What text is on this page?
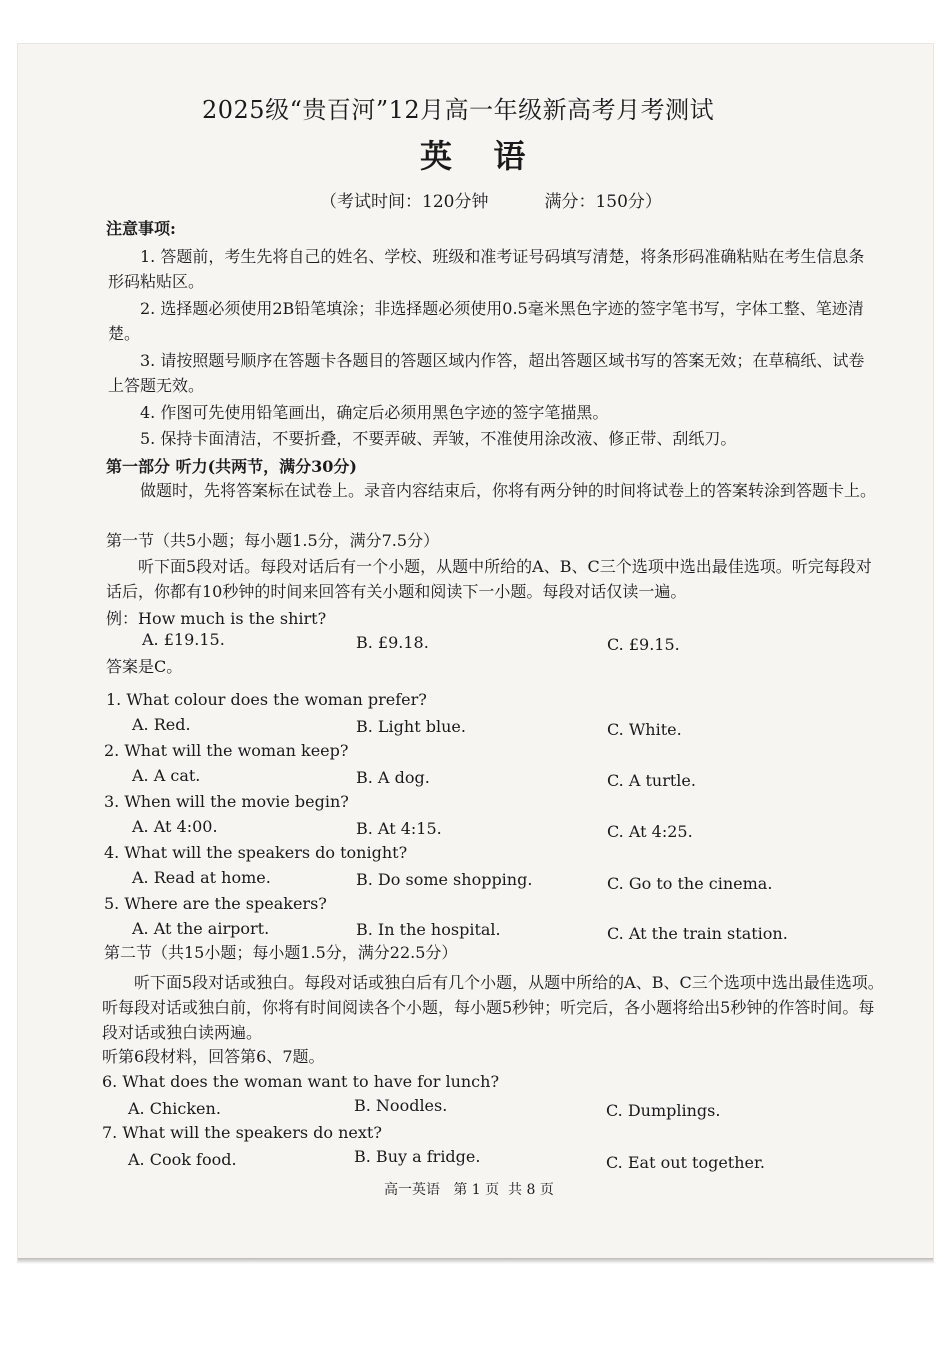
2025级“贵百河”12月高一年级新高考月考测试
英   语
（考试时间：120分钟	满分：150分）
注意事项:
1. 答题前，考生先将自己的姓名、学校、班级和准考证号码填写清楚，将条形码准确粘贴在考生信息条形码粘贴区。
2. 选择题必须使用2B铅笔填涂；非选择题必须使用0.5毫米黑色字迹的签字笔书写，字体工整、笔迹清楚。
3. 请按照题号顺序在答题卡各题目的答题区域内作答，超出答题区域书写的答案无效；在草稿纸、试卷上答题无效。
4. 作图可先使用铅笔画出，确定后必须用黑色字迹的签字笔描黑。
5. 保持卡面清洁，不要折叠，不要弄破、弄皱，不准使用涂改液、修正带、刮纸刀。
第一部分 听力(共两节，满分30分)
做题时，先将答案标在试卷上。录音内容结束后，你将有两分钟的时间将试卷上的答案转涂到答题卡上。
第一节（共5小题；每小题1.5分，满分7.5分）
听下面5段对话。每段对话后有一个小题，从题中所给的A、B、C三个选项中选出最佳选项。听完每段对话后，你都有10秒钟的时间来回答有关小题和阅读下一小题。每段对话仅读一遍。
例：How much is the shirt?
A. £19.15.	B. £9.18.	C. £9.15.
答案是C。
1. What colour does the woman prefer?
A. Red.	B. Light blue.	C. White.
2. What will the woman keep?
A. A cat.	B. A dog.	C. A turtle.
3. When will the movie begin?
A. At 4:00.	B. At 4:15.	C. At 4:25.
4. What will the speakers do tonight?
A. Read at home.	B. Do some shopping.	C. Go to the cinema.
5. Where are the speakers?
A. At the airport.	B. In the hospital.	C. At the train station.
第二节（共15小题；每小题1.5分，满分22.5分）
听下面5段对话或独白。每段对话或独白后有几个小题，从题中所给的A、B、C三个选项中选出最佳选项。听每段对话或独白前，你将有时间阅读各个小题，每小题5秒钟；听完后，各小题将给出5秒钟的作答时间。每段对话或独白读两遍。
听第6段材料，回答第6、7题。
6. What does the woman want to have for lunch?
A. Chicken.	B. Noodles.	C. Dumplings.
7. What will the speakers do next?
A. Cook food.	B. Buy a fridge.	C. Eat out together.
高一英语   第 1 页  共 8 页
